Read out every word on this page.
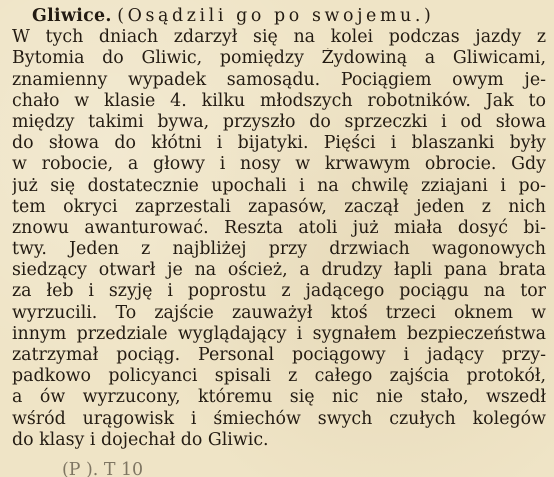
Gliwice. (Osądzili go po swojemu.)
W tych dniach zdarzył się na kolei podczas jazdy z
Bytomia do Gliwic, pomiędzy Żydowiną a Gliwicami,
znamienny wypadek samosądu. Pociągiem owym je-
chało w klasie 4. kilku młodszych robotników. Jak to
między takimi bywa, przyszło do sprzeczki i od słowa
do słowa do kłótni i bijatyki. Pięści i blaszanki były
w robocie, a głowy i nosy w krwawym obrocie. Gdy
już się dostatecznie upochali i na chwilę zziajani i po-
tem okryci zaprzestali zapasów, zaczął jeden z nich
znowu awanturować. Reszta atoli już miała dosyć bi-
twy. Jeden z najbliżej przy drzwiach wagonowych
siedzący otwarł je na oścież, a drudzy łapli pana brata
za łeb i szyję i poprostu z jadącego pociągu na tor
wyrzucili. To zajście zauważył ktoś trzeci oknem w
innym przedziale wyglądający i sygnałem bezpieczeństwa
zatrzymał pociąg. Personal pociągowy i jadący przy-
padkowo policyanci spisali z całego zajścia protokół,
a ów wyrzucony, któremu się nic nie stało, wszedł
wśród urągowisk i śmiechów swych czułych kolegów
do klasy i dojechał do Gliwic.
(P ). T 10
